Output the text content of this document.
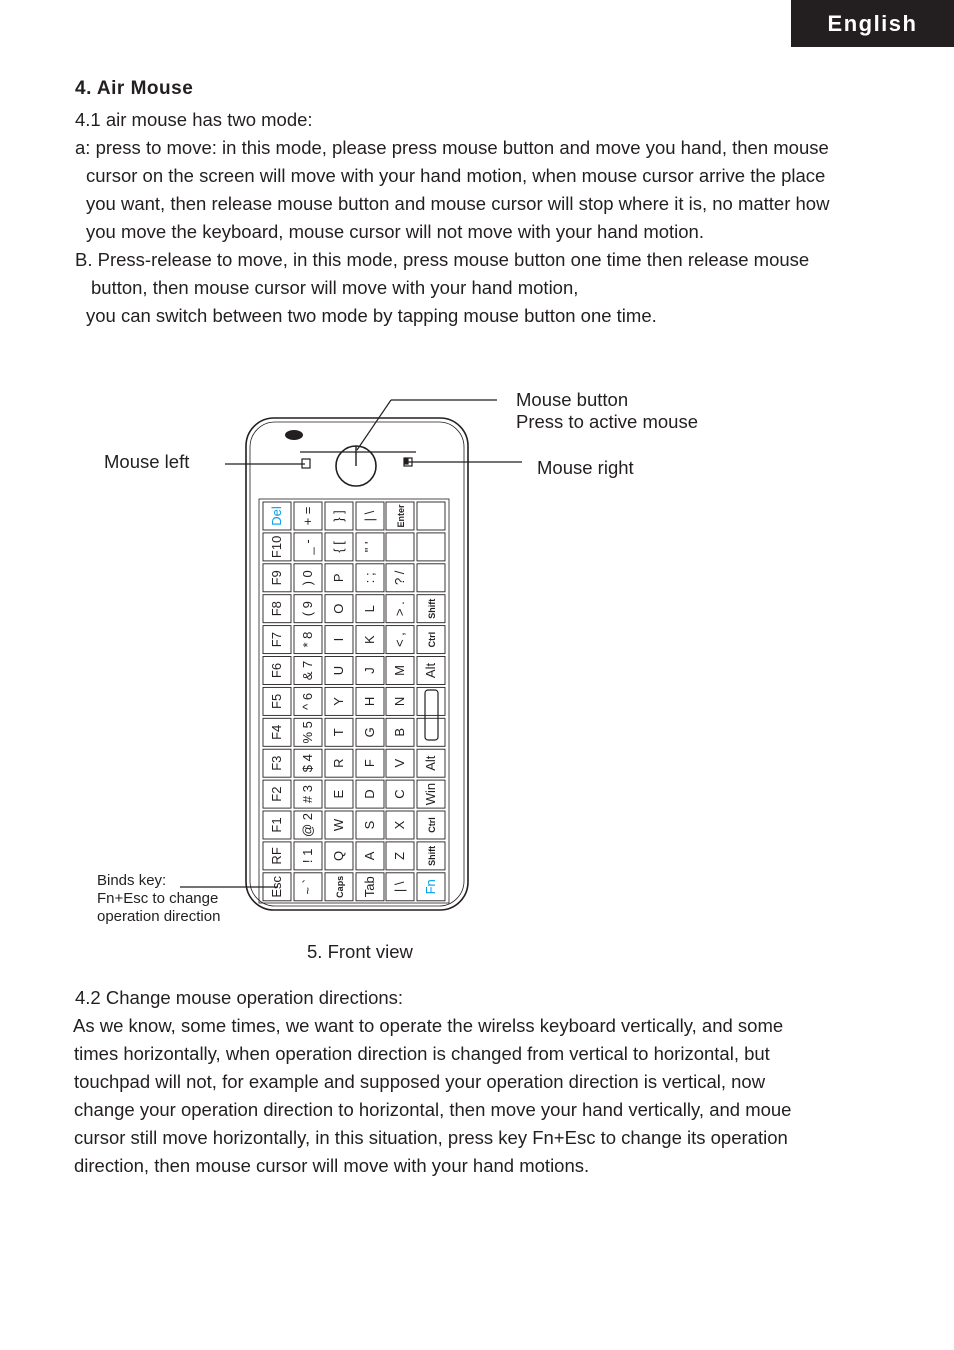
English
4. Air Mouse
4.1 air mouse has two mode:
a: press to move: in this mode, please press mouse button and move you hand, then mouse
cursor on the screen will move with your hand motion, when mouse cursor arrive the place
you want, then release mouse button and mouse cursor will stop where it is, no matter how
you move the keyboard, mouse cursor will not move with your hand motion.
B. Press-release to move, in this mode, press mouse button one time then release mouse
button, then mouse cursor will move with your hand motion,
you can switch between two mode by tapping mouse button one time.
Mouse button
Press to active mouse
Mouse left	Mouse right
Binds key:
Fn+Esc to change
operation direction
5. Front view
Del
F10
F9
F8
F7
F6
F5
F4
F3
F2
F1
RF
Esc
+ =
_ -
) 0
( 9
* 8
& 7
^ 6
% 5
$ 4
# 3
@ 2
! 1
~ `
} ]
{ [
P
O
I
U
Y
T
R
E
W
Q
Caps
| \
" '
: ;
L
K
J
H
G
F
D
S
A
Tab
Enter
? /
> .
< ,
M
N
B
V
C
X
Z
| \
Shift
Ctrl
Alt
Alt
Win
Ctrl
Shift
Fn
4.2 Change mouse operation directions:
As we know, some times, we want to operate the wirelss keyboard vertically, and some
times horizontally, when operation direction is changed from vertical to horizontal, but
touchpad will not, for example and supposed your operation direction is vertical, now
change your operation direction to horizontal, then move your hand vertically, and moue
cursor still move horizontally, in this situation, press key Fn+Esc to change its operation
direction, then mouse cursor will move with your hand motions.
